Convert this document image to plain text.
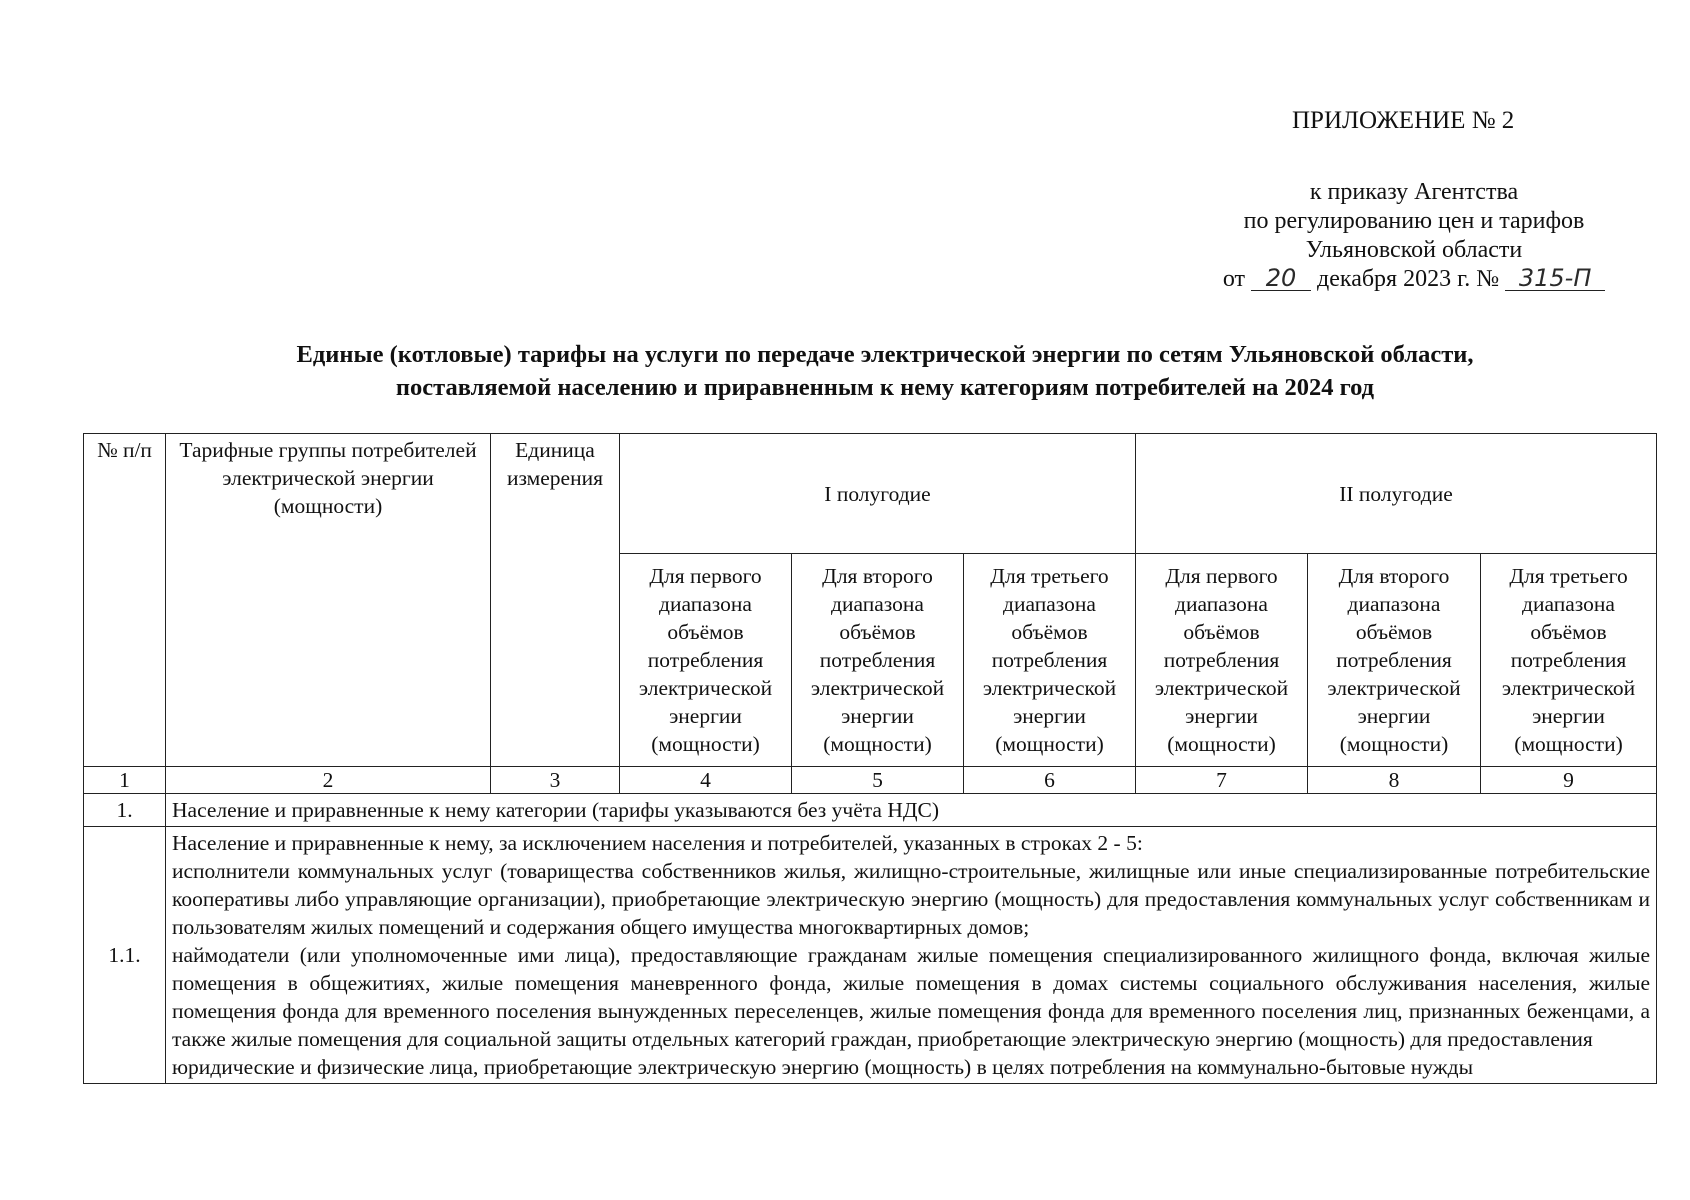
ПРИЛОЖЕНИЕ № 2
к приказу Агентства
по регулированию цен и тарифов
Ульяновской области
от 20 декабря 2023 г. № 315-П
Единые (котловые) тарифы на услуги по передаче электрической энергии по сетям Ульяновской области,
поставляемой населению и приравненным к нему категориям потребителей на 2024 год
№ п/п	Тарифные группы потребителей электрической энергии (мощности)	Единица измерения	I полугодие			II полугодие		
			Для первого диапазона объёмов потребления электрической энергии (мощности)	Для второго диапазона объёмов потребления электрической энергии (мощности)	Для третьего диапазона объёмов потребления электрической энергии (мощности)	Для первого диапазона объёмов потребления электрической энергии (мощности)	Для второго диапазона объёмов потребления электрической энергии (мощности)	Для третьего диапазона объёмов потребления электрической энергии (мощности)
1	2	3	4	5	6	7	8	9
1.	Население и приравненные к нему категории (тарифы указываются без учёта НДС)							
1.1.	Население и приравненные к нему, за исключением населения и потребителей, указанных в строках 2 - 5:
исполнители коммунальных услуг (товарищества собственников жилья, жилищно-строительные, жилищные или иные специализированные потребительские кооперативы либо управляющие организации), приобретающие электрическую энергию (мощность) для предоставления коммунальных услуг собственникам и пользователям жилых помещений и содержания общего имущества многоквартирных домов;
наймодатели (или уполномоченные ими лица), предоставляющие гражданам жилые помещения специализированного жилищного фонда, включая жилые помещения в общежитиях, жилые помещения маневренного фонда, жилые помещения в домах системы социального обслуживания населения, жилые помещения фонда для временного поселения вынужденных переселенцев, жилые помещения фонда для временного поселения лиц, признанных беженцами, а также жилые помещения для социальной защиты отдельных категорий граждан, приобретающие электрическую энергию (мощность) для предоставления
юридические и физические лица, приобретающие электрическую энергию (мощность) в целях потребления на коммунально-бытовые нужды							
